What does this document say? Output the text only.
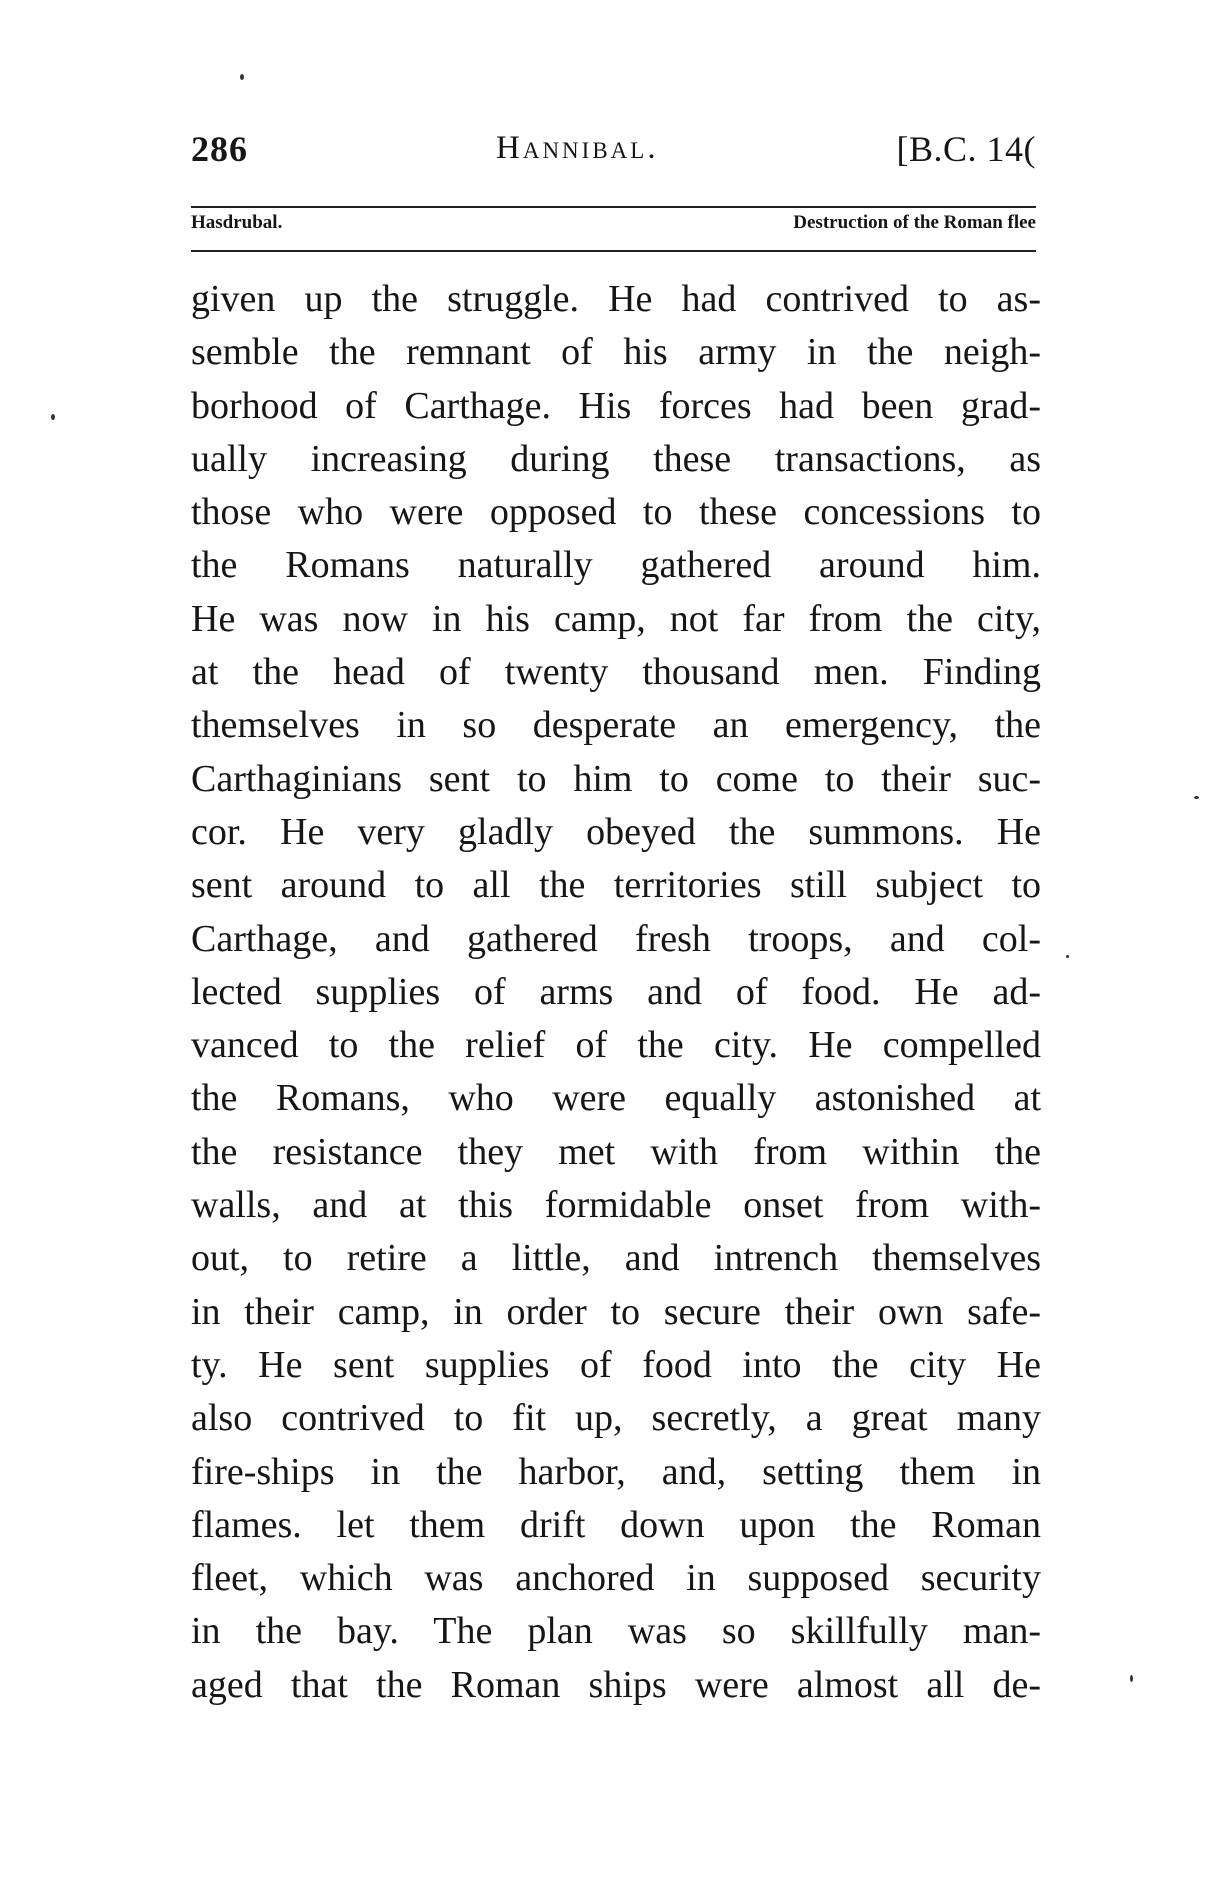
286	Hannibal.	[B.C. 14(
Hasdrubal.	Destruction of the Roman flee
given up the struggle. He had contrived to as-
semble the remnant of his army in the neigh-
borhood of Carthage. His forces had been grad-
ually increasing during these transactions, as
those who were opposed to these concessions to
the Romans naturally gathered around him.
He was now in his camp, not far from the city,
at the head of twenty thousand men. Finding
themselves in so desperate an emergency, the
Carthaginians sent to him to come to their suc-
cor. He very gladly obeyed the summons. He
sent around to all the territories still subject to
Carthage, and gathered fresh troops, and col-
lected supplies of arms and of food. He ad-
vanced to the relief of the city. He compelled
the Romans, who were equally astonished at
the resistance they met with from within the
walls, and at this formidable onset from with-
out, to retire a little, and intrench themselves
in their camp, in order to secure their own safe-
ty. He sent supplies of food into the city He
also contrived to fit up, secretly, a great many
fire-ships in the harbor, and, setting them in
flames. let them drift down upon the Roman
fleet, which was anchored in supposed security
in the bay. The plan was so skillfully man-
aged that the Roman ships were almost all de-
